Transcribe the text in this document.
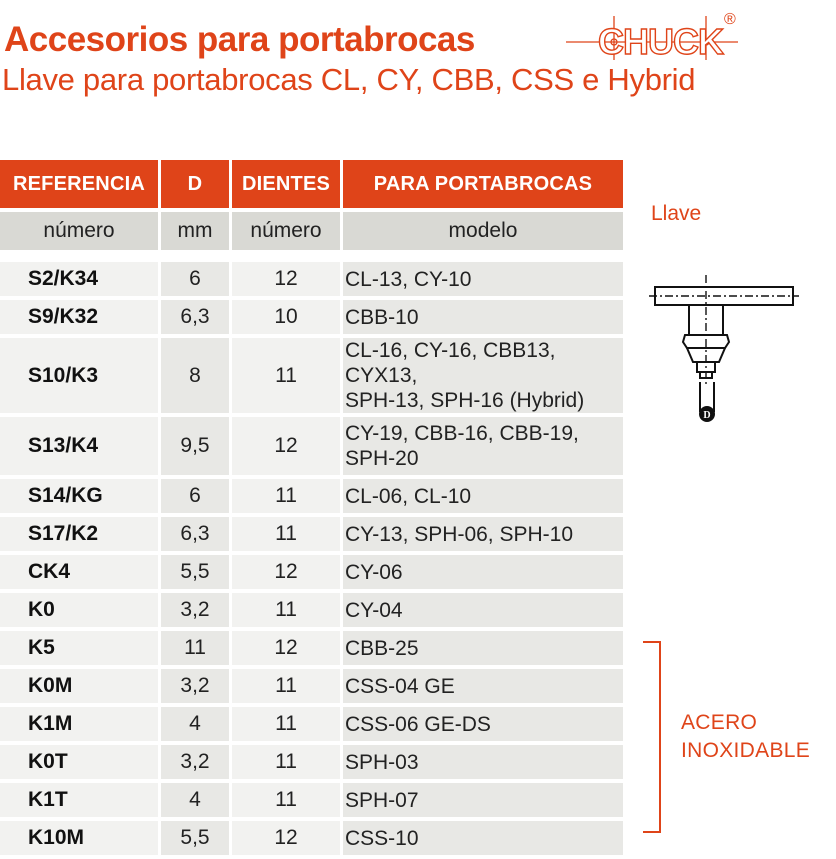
Accesorios para portabrocas	CHUCK
®
Llave para portabrocas CL, CY, CBB, CSS e Hybrid
REFERENCIA	D	DIENTES	PARA PORTABROCAS
número	mm	número	modelo

S2/K34	6	12	CL-13, CY-10

S9/K32	6,3	10	CBB-10

S10/K3	8	11	CL-16, CY-16, CBB13, CYX13,
SPH-13, SPH-16 (Hybrid)

S13/K4	9,5	12	CY-19, CBB-16, CBB-19,
SPH-20

S14/KG	6	11	CL-06, CL-10

S17/K2	6,3	11	CY-13, SPH-06, SPH-10

CK4	5,5	12	CY-06

K0	3,2	11	CY-04

K5	11	12	CBB-25

K0M	3,2	11	CSS-04 GE

K1M	4	11	CSS-06 GE-DS

K0T	3,2	11	SPH-03

K1T	4	11	SPH-07

K10M	5,5	12	CSS-10
Llave
D
ACERO
INOXIDABLE
